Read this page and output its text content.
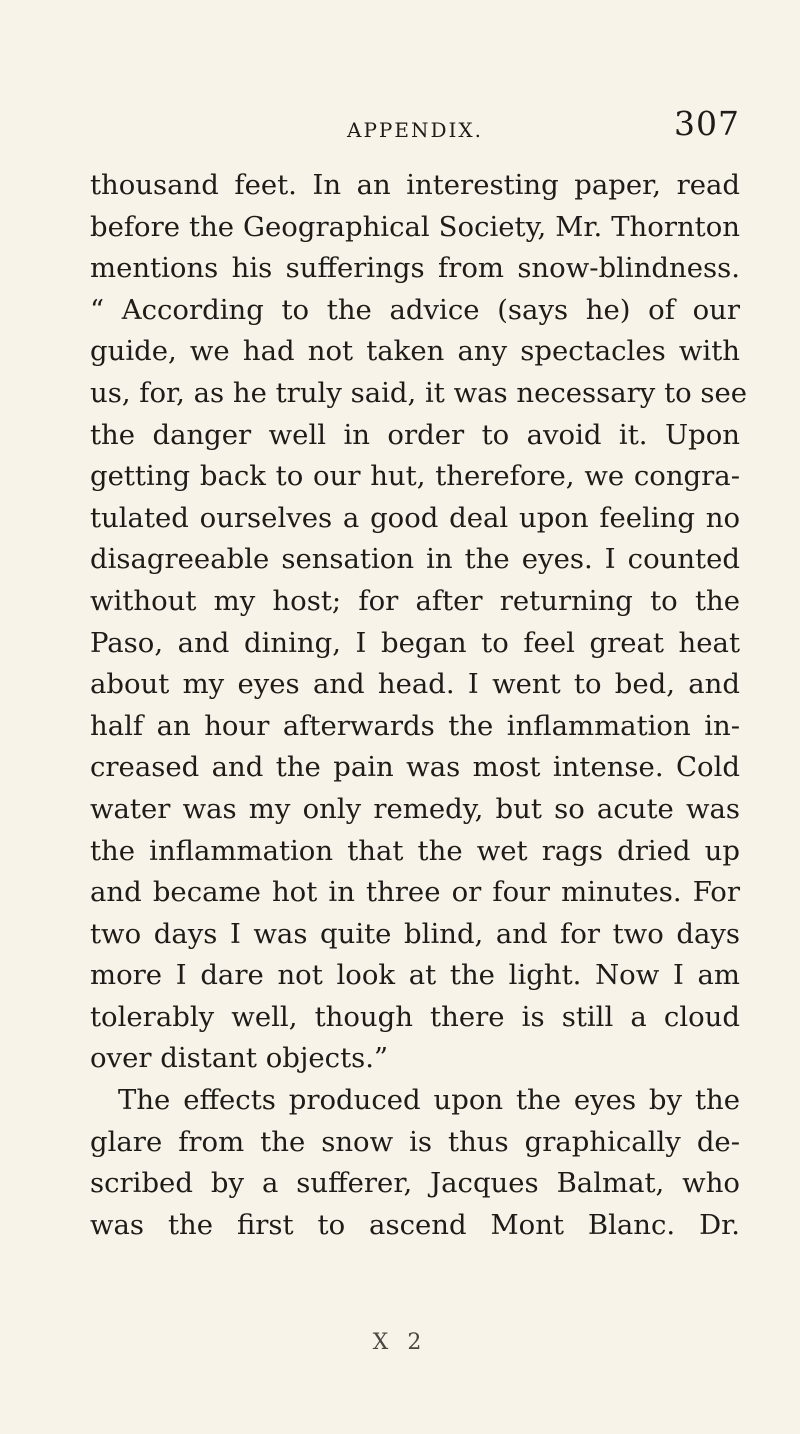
APPENDIX.	307
thousand feet. In an interesting paper, read
before the Geographical Society, Mr. Thornton
mentions his sufferings from snow-blindness.
“ According to the advice (says he) of our
guide, we had not taken any spectacles with
us, for, as he truly said, it was necessary to see
the danger well in order to avoid it. Upon
getting back to our hut, therefore, we congra-
tulated ourselves a good deal upon feeling no
disagreeable sensation in the eyes. I counted
without my host; for after returning to the
Paso, and dining, I began to feel great heat
about my eyes and head. I went to bed, and
half an hour afterwards the inflammation in-
creased and the pain was most intense. Cold
water was my only remedy, but so acute was
the inflammation that the wet rags dried up
and became hot in three or four minutes. For
two days I was quite blind, and for two days
more I dare not look at the light. Now I am
tolerably well, though there is still a cloud
over distant objects.”
The effects produced upon the eyes by the
glare from the snow is thus graphically de-
scribed by a sufferer, Jacques Balmat, who
was the first to ascend Mont Blanc. Dr.
X 2
